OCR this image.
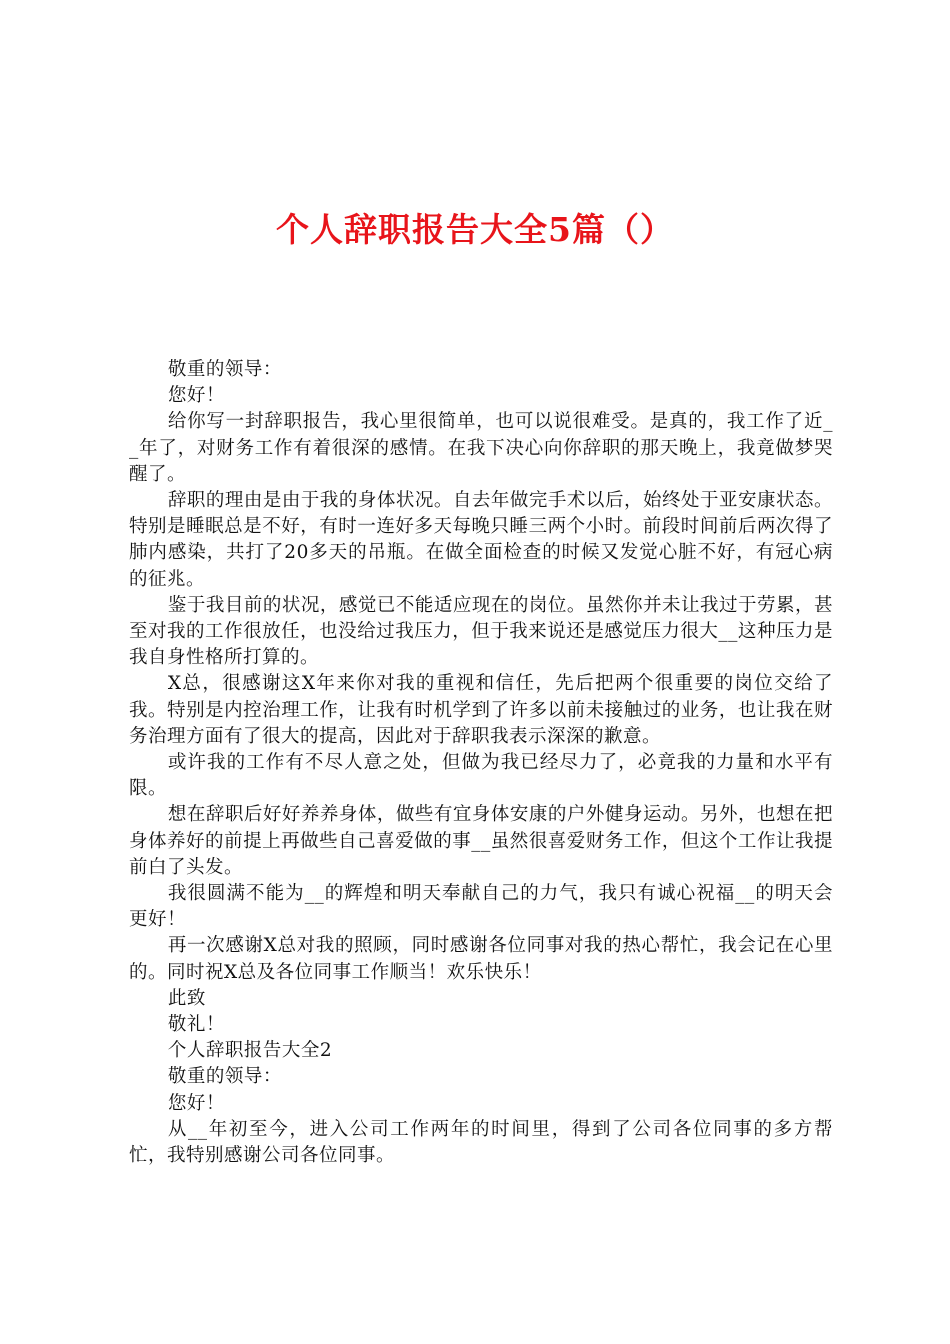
个人辞职报告大全5篇（）

敬重的领导：

您好！

给你写一封辞职报告，我心里很简单，也可以说很难受。是真的，我工作了近__年了，对财务工作有着很深的感情。在我下决心向你辞职的那天晚上，我竟做梦哭醒了。

辞职的理由是由于我的身体状况。自去年做完手术以后，始终处于亚安康状态。特别是睡眠总是不好，有时一连好多天每晚只睡三两个小时。前段时间前后两次得了肺内感染，共打了20多天的吊瓶。在做全面检查的时候又发觉心脏不好，有冠心病的征兆。

鉴于我目前的状况，感觉已不能适应现在的岗位。虽然你并未让我过于劳累，甚至对我的工作很放任，也没给过我压力，但于我来说还是感觉压力很大__这种压力是我自身性格所打算的。

X总，很感谢这X年来你对我的重视和信任，先后把两个很重要的岗位交给了我。特别是内控治理工作，让我有时机学到了许多以前未接触过的业务，也让我在财务治理方面有了很大的提高，因此对于辞职我表示深深的歉意。

或许我的工作有不尽人意之处，但做为我已经尽力了，必竟我的力量和水平有限。

想在辞职后好好养养身体，做些有宜身体安康的户外健身运动。另外，也想在把身体养好的前提上再做些自己喜爱做的事__虽然很喜爱财务工作，但这个工作让我提前白了头发。

我很圆满不能为__的辉煌和明天奉献自己的力气，我只有诚心祝福__的明天会更好！

再一次感谢X总对我的照顾，同时感谢各位同事对我的热心帮忙，我会记在心里的。同时祝X总及各位同事工作顺当！欢乐快乐！

此致

敬礼！

个人辞职报告大全2

敬重的领导：

您好！

从__年初至今，进入公司工作两年的时间里，得到了公司各位同事的多方帮忙，我特别感谢公司各位同事。
